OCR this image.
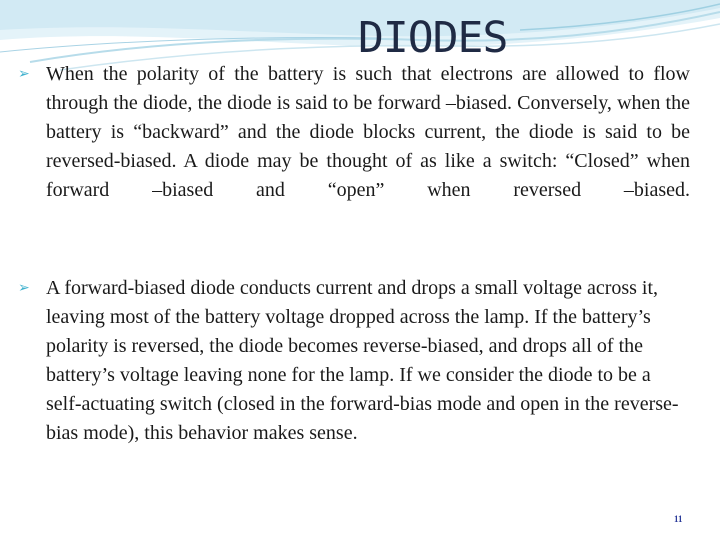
DIODES
➢ When the polarity of the battery is such that electrons are allowed to flow through the diode, the diode is said to be forward –biased. Conversely, when the battery is “backward” and the diode blocks current, the diode is said to be reversed-biased. A diode may be thought of as like a switch: “Closed” when forward –biased and “open” when reversed –biased.
➢ A forward-biased diode conducts current and drops a small voltage across it, leaving most of the battery voltage dropped across the lamp. If the battery’s polarity is reversed, the diode becomes reverse-biased, and drops all of the battery’s voltage leaving none for the lamp. If we consider the diode to be a self-actuating switch (closed in the forward-bias mode and open in the reverse-bias mode), this behavior makes sense.
11
